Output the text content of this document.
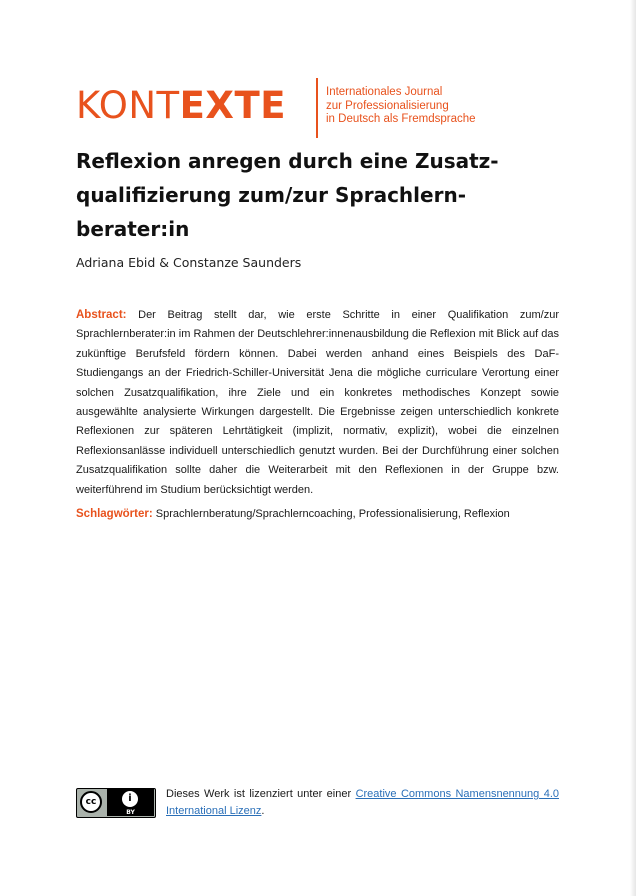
KONTEXTE	Internationales Journal
zur Professionalisierung
in Deutsch als Fremdsprache
Reflexion anregen durch eine Zusatz-
qualifizierung zum/zur Sprachlern-
berater:in
Adriana Ebid & Constanze Saunders
Abstract: Der Beitrag stellt dar, wie erste Schritte in einer Qualifikation zum/zur Sprachlernberater:in im Rahmen der Deutschlehrer:innenausbildung die Reflexion mit Blick auf das zukünftige Berufsfeld fördern können. Dabei werden anhand eines Beispiels des DaF-Studiengangs an der Friedrich-Schiller-Universität Jena die mögliche curriculare Verortung einer solchen Zusatzqualifikation, ihre Ziele und ein konkretes methodisches Konzept sowie ausgewählte analysierte Wirkungen dargestellt. Die Ergebnisse zeigen unterschiedlich konkrete Reflexionen zur späteren Lehrtätigkeit (implizit, normativ, explizit), wobei die einzelnen Reflexionsanlässe individuell unterschiedlich genutzt wurden. Bei der Durchführung einer solchen Zusatzqualifikation sollte daher die Weiterarbeit mit den Reflexionen in der Gruppe bzw. weiterführend im Studium berücksichtigt werden.
Schlagwörter: Sprachlernberatung/Sprachlerncoaching, Professionalisierung, Reflexion
cc	i
BY
Dieses Werk ist lizenziert unter einer Creative Commons Namensnennung 4.0 International Lizenz.
